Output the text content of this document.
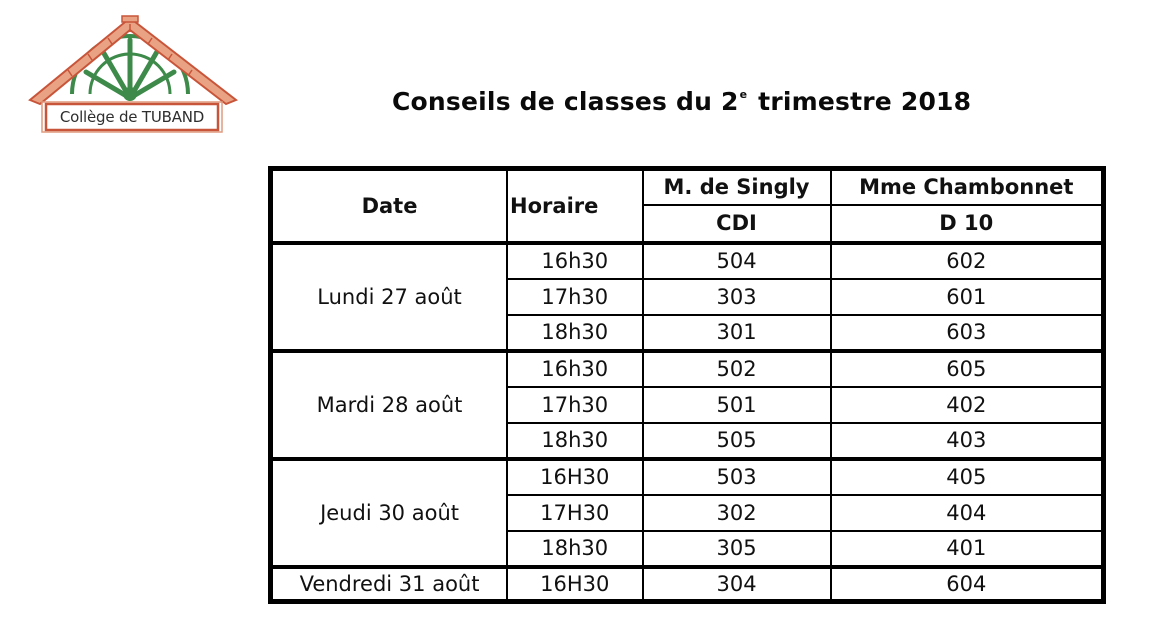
Collège de TUBAND
Conseils de classes du 2e trimestre 2018
Date	Horaire	M. de Singly	Mme Chambonnet
		CDI	D 10
Lundi 27 août	16h30	504	602
	17h30	303	601
	18h30	301	603
Mardi 28 août	16h30	502	605
	17h30	501	402
	18h30	505	403
Jeudi 30 août	16H30	503	405
	17H30	302	404
	18h30	305	401
Vendredi 31 août	16H30	304	604
